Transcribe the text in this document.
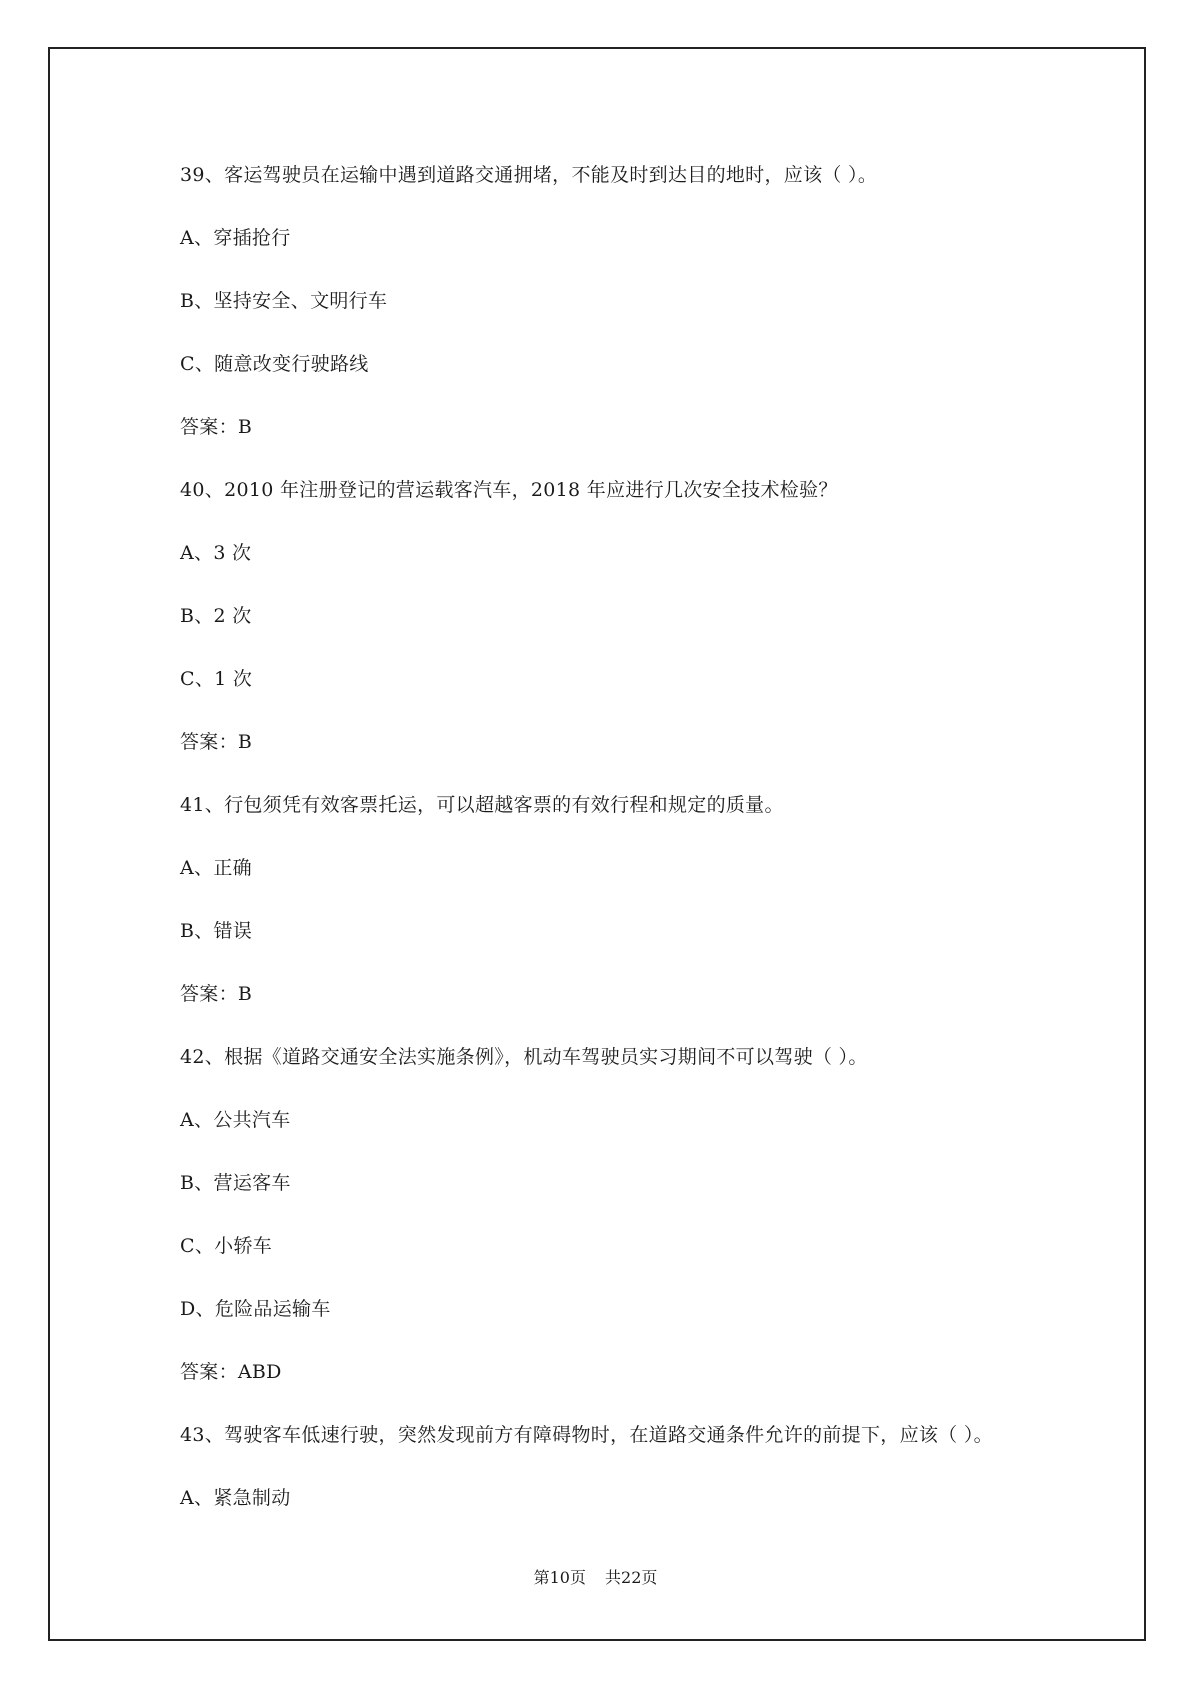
39、客运驾驶员在运输中遇到道路交通拥堵，不能及时到达目的地时，应该（ ）。
A、穿插抢行
B、坚持安全、文明行车
C、随意改变行驶路线
答案：B
40、2010 年注册登记的营运载客汽车，2018 年应进行几次安全技术检验？
A、3 次
B、2 次
C、1 次
答案：B
41、行包须凭有效客票托运，可以超越客票的有效行程和规定的质量。
A、正确
B、错误
答案：B
42、根据《道路交通安全法实施条例》，机动车驾驶员实习期间不可以驾驶（ ）。
A、公共汽车
B、营运客车
C、小轿车
D、危险品运输车
答案：ABD
43、驾驶客车低速行驶，突然发现前方有障碍物时，在道路交通条件允许的前提下，应该（ ）。
A、紧急制动
第10页 共22页
